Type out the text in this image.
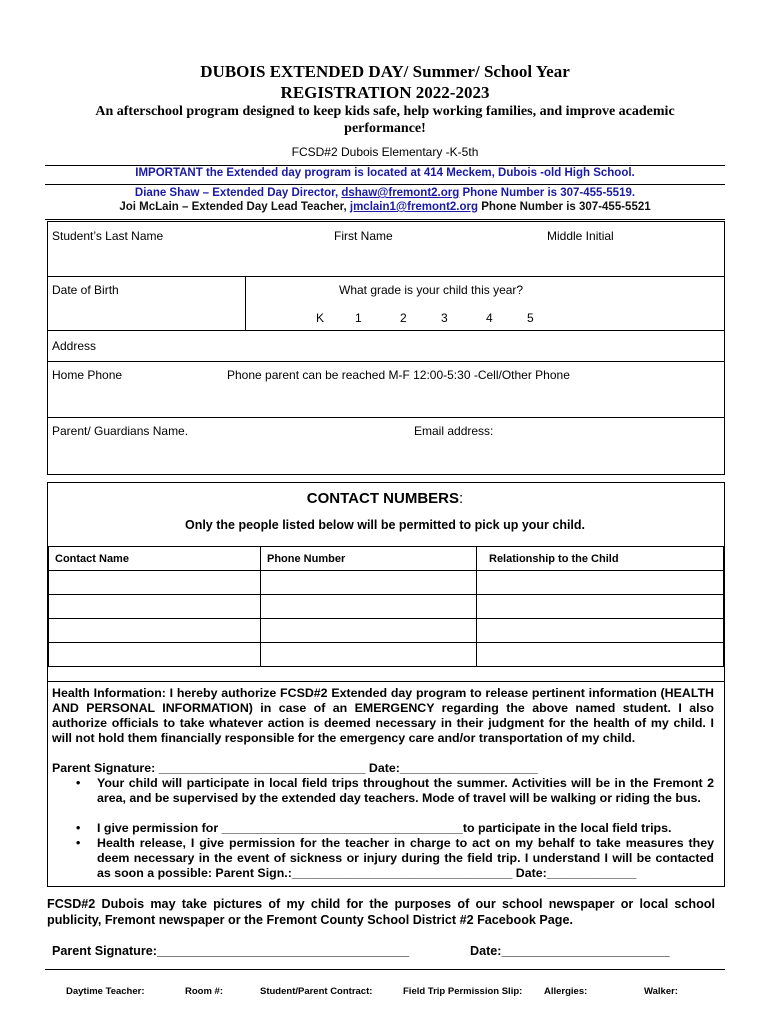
DUBOIS EXTENDED DAY/ Summer/ School Year
REGISTRATION 2022-2023
An afterschool program designed to keep kids safe, help working families, and improve academic
performance!
FCSD#2 Dubois Elementary -K-5th
IMPORTANT the Extended day program is located at 414 Meckem, Dubois -old High School.
Diane Shaw – Extended Day Director, dshaw@fremont2.org Phone Number is 307-455-5519.
Joi McLain – Extended Day Lead Teacher, jmclain1@fremont2.org Phone Number is 307-455-5521
Student’s Last Name	First Name	Middle Initial
Date of Birth	What grade is your child this year?
K	1	2	3	4	5
Address
Home Phone	Phone parent can be reached M-F 12:00-5:30 -Cell/Other Phone
Parent/ Guardians Name.	Email address:
CONTACT NUMBERS:
Only the people listed below will be permitted to pick up your child.
Contact Name	Phone Number	Relationship to the Child

Health Information: I hereby authorize FCSD#2 Extended day program to release pertinent information (HEALTH AND PERSONAL INFORMATION) in case of an EMERGENCY regarding the above named student. I also authorize officials to take whatever action is deemed necessary in their judgment for the health of my child. I will not hold them financially responsible for the emergency care and/or transportation of my child.
Parent Signature: ______________________________ Date:____________________
• Your child will participate in local field trips throughout the summer. Activities will be in the Fremont 2 area, and be supervised by the extended day teachers. Mode of travel will be walking or riding the bus.
• I give permission for ___________________________________to participate in the local field trips.
• Health release, I give permission for the teacher in charge to act on my behalf to take measures they deem necessary in the event of sickness or injury during the field trip. I understand I will be contacted as soon a possible: Parent Sign.:________________________________ Date:_____________
FCSD#2 Dubois may take pictures of my child for the purposes of our school newspaper or local school publicity, Fremont newspaper or the Fremont County School District #2 Facebook Page.
Parent Signature:____________________________________	Date:________________________
Daytime Teacher:	Room #:	Student/Parent Contract:	Field Trip Permission Slip: Allergies:	Walker:
